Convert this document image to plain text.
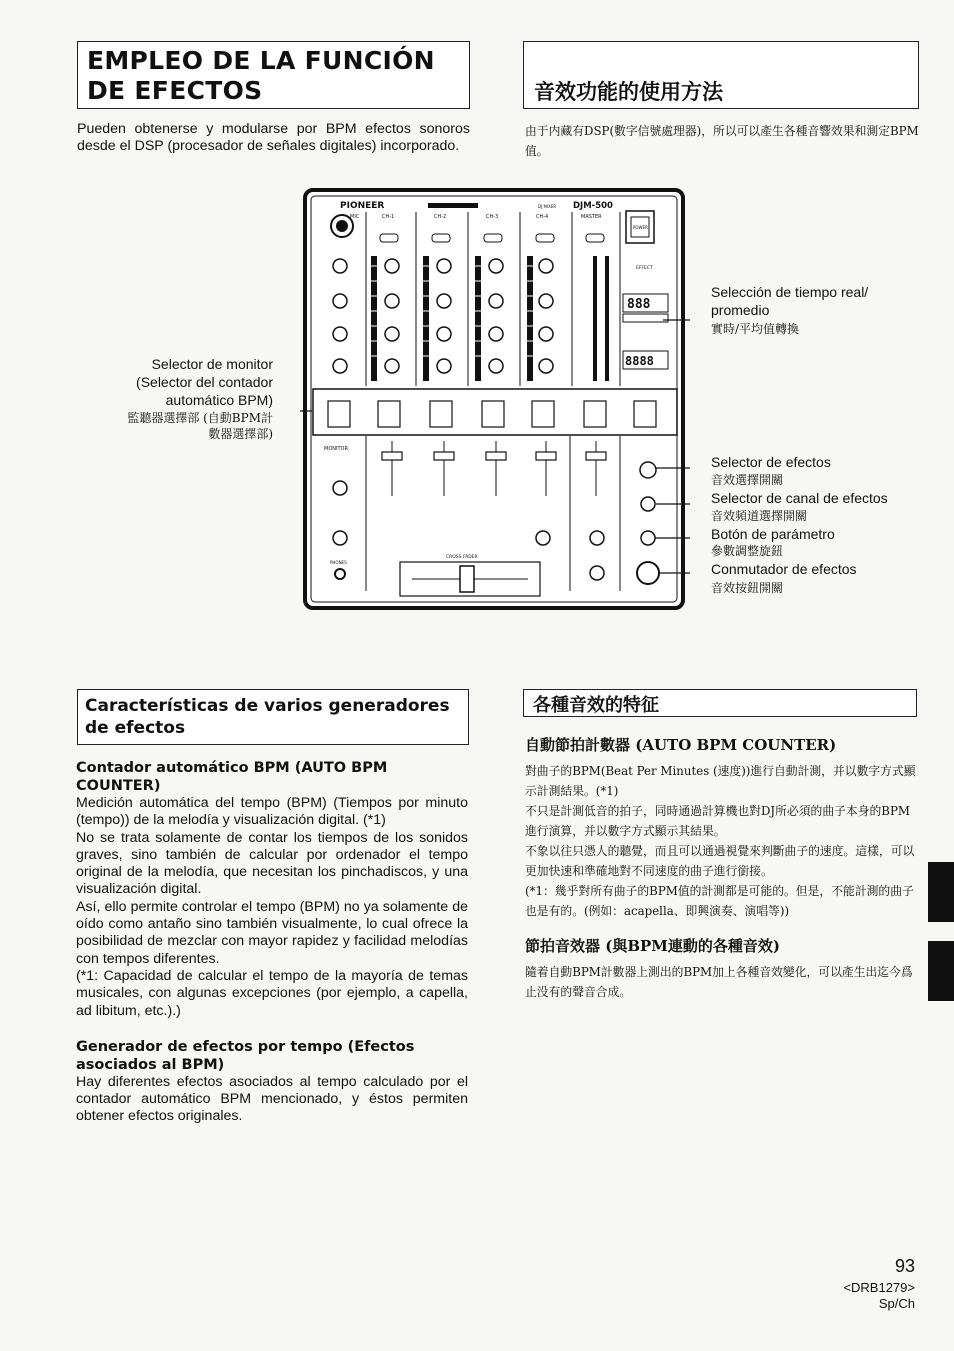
EMPLEO DE LA FUNCIÓN DE EFECTOS	音效功能的使用方法
Pueden obtenerse y modularse por BPM efectos sonoros desde el DSP (procesador de señales digitales) incorporado.
由于内藏有DSP(數字信號處理器)，所以可以產生各種音響效果和測定BPM值。
PIONEER	DJ MIXER DJM-500
POWER
MIC	CH-1	CH-2	CH-3	CH-4	MASTER
EFFECT
888
8888
MONITOR
PHONES
CROSS FADER
Selector de monitor (Selector del contador automático BPM)
監聽器選擇部 (自動BPM計數器選擇部)
Selección de tiempo real/ promedio
實時/平均值轉換
Selector de efectos
音效選擇開關
Selector de canal de efectos
音效頻道選擇開關
Botón de parámetro
參數調整旋鈕
Conmutador de efectos
音效按鈕開關
Características de varios generadores de efectos
各種音效的特征
Contador automático BPM (AUTO BPM COUNTER)
Medición automática del tempo (BPM) (Tiempos por minuto (tempo)) de la melodía y visualización digital. (*1)
No se trata solamente de contar los tiempos de los sonidos graves, sino también de calcular por ordenador el tempo original de la melodía, que necesitan los pinchadiscos, y una visualización digital.
Así, ello permite controlar el tempo (BPM) no ya solamente de oído como antaño sino también visualmente, lo cual ofrece la posibilidad de mezclar con mayor rapidez y facilidad melodías con tempos diferentes.
(*1: Capacidad de calcular el tempo de la mayoría de temas musicales, con algunas excepciones (por ejemplo, a capella, ad libitum, etc.).)
Generador de efectos por tempo (Efectos asociados al BPM)
Hay diferentes efectos asociados al tempo calculado por el contador automático BPM mencionado, y éstos permiten obtener efectos originales.
自動節拍計數器 (AUTO BPM COUNTER)
對曲子的BPM(Beat Per Minutes (速度))進行自動計測，并以數字方式顯示計測結果。(*1)
不只是計測低音的拍子，同時通過計算機也對DJ所必須的曲子本身的BPM進行演算，并以數字方式顯示其結果。
不象以往只憑人的聽覺，而且可以通過視覺來判斷曲子的速度。這樣，可以更加快速和準確地對不同速度的曲子進行銜接。
(*1：幾乎對所有曲子的BPM值的計測都是可能的。但是，不能計測的曲子也是有的。(例如：acapella、即興演奏、演唱等))
節拍音效器 (與BPM連動的各種音效)
隨着自動BPM計數器上測出的BPM加上各種音效變化，可以產生出迄今爲止没有的聲音合成。
93
<DRB1279>
Sp/Ch
